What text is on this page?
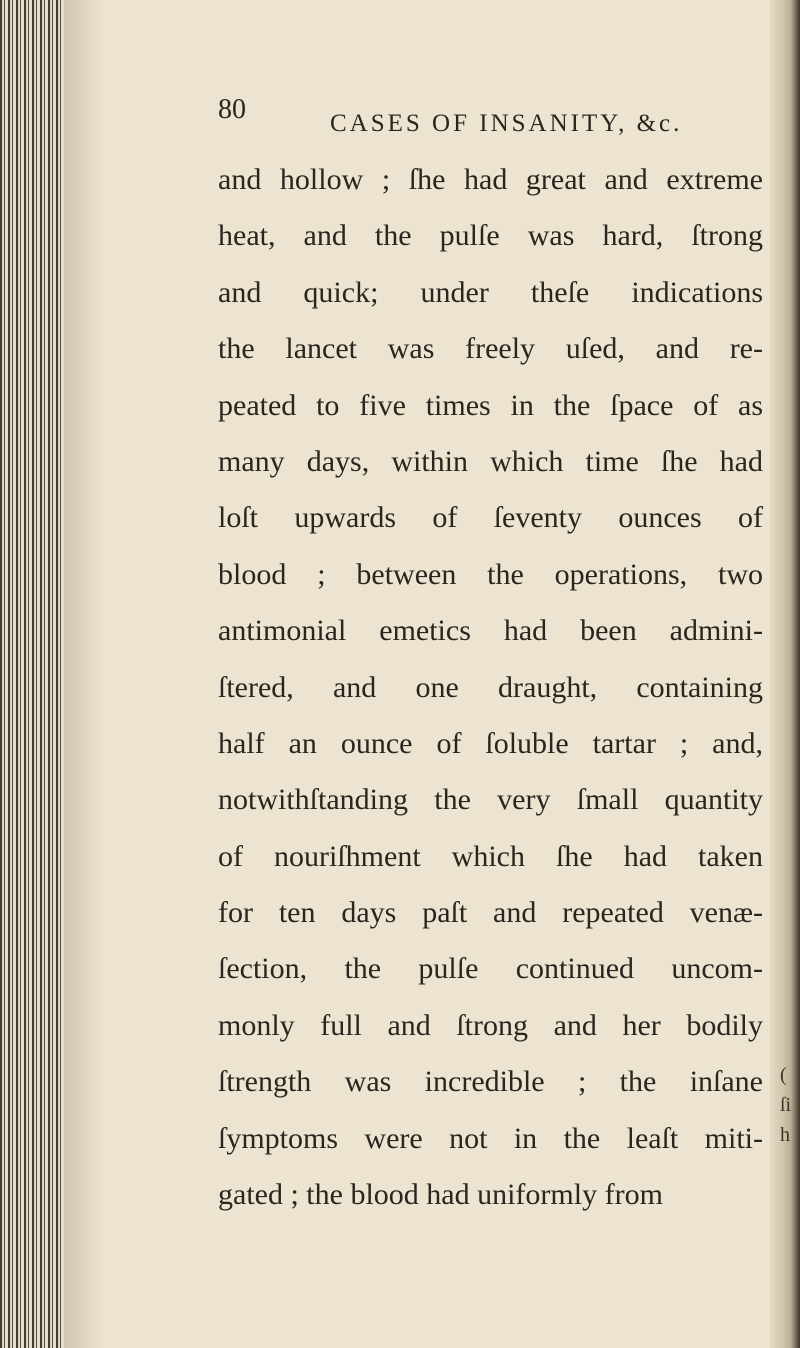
(
ſi
h
80	CASES OF INSANITY, &c.
and hollow ; ſhe had great and extreme
heat, and the pulſe was hard, ſtrong
and quick; under theſe indications
the lancet was freely uſed, and re-
peated to five times in the ſpace of as
many days, within which time ſhe had
loſt upwards of ſeventy ounces of
blood ; between the operations, two
antimonial emetics had been admini-
ſtered, and one draught, containing
half an ounce of ſoluble tartar ; and,
notwithſtanding the very ſmall quantity
of nouriſhment which ſhe had taken
for ten days paſt and repeated venæ-
ſection, the pulſe continued uncom-
monly full and ſtrong and her bodily
ſtrength was incredible ; the inſane
ſymptoms were not in the leaſt miti-
gated ; the blood had uniformly from
